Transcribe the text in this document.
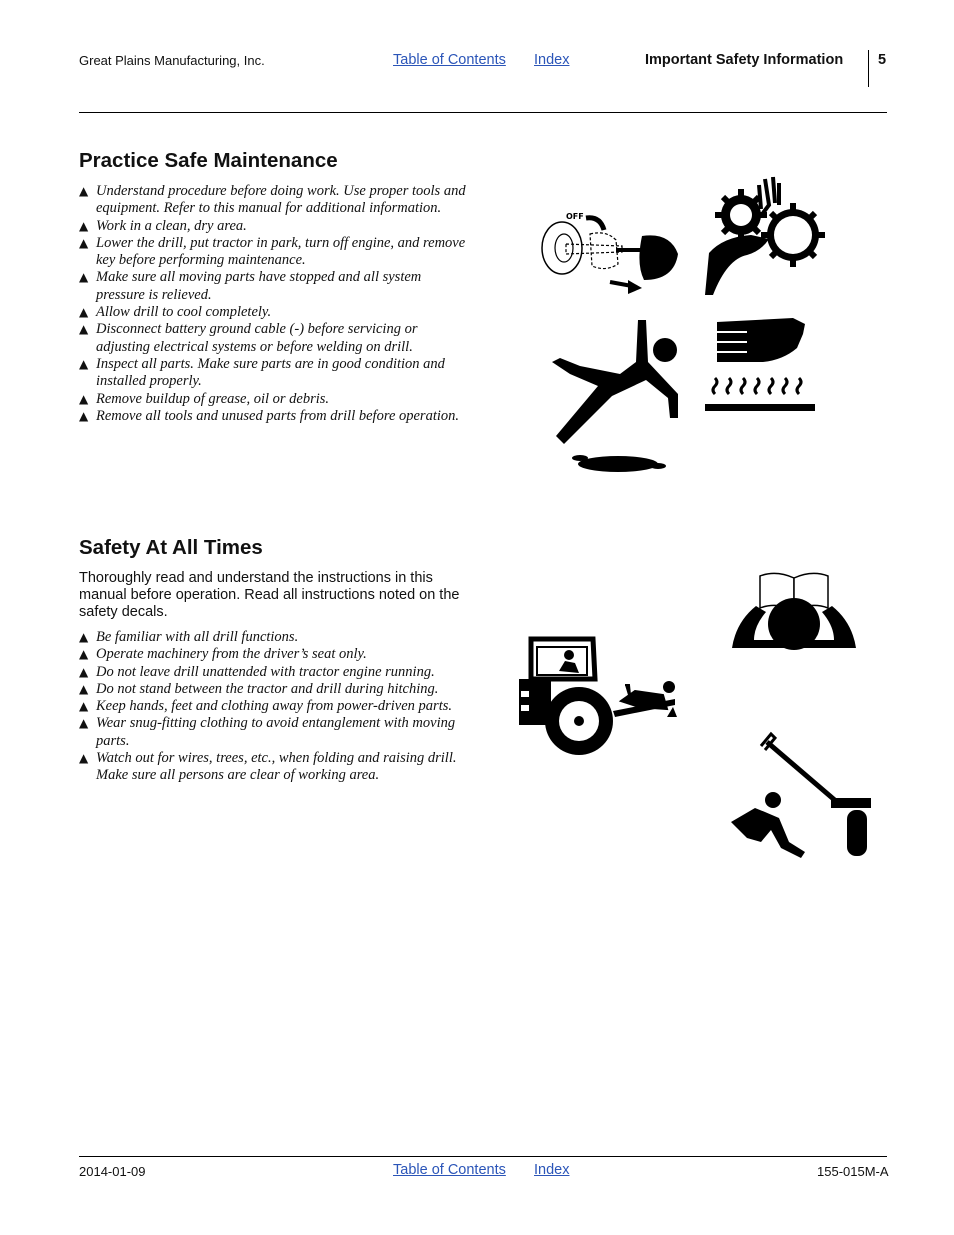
Great Plains Manufacturing, Inc.	Table of Contents Index	Important Safety Information 5
Practice Safe Maintenance
▲ Understand procedure before doing work. Use proper tools and equipment. Refer to this manual for additional information.
▲ Work in a clean, dry area.
▲ Lower the drill, put tractor in park, turn off engine, and remove key before performing maintenance.
▲ Make sure all moving parts have stopped and all system pressure is relieved.
▲ Allow drill to cool completely.
▲ Disconnect battery ground cable (-) before servicing or adjusting electrical systems or before welding on drill.
▲ Inspect all parts. Make sure parts are in good condition and installed properly.
▲ Remove buildup of grease, oil or debris.
▲ Remove all tools and unused parts from drill before operation.
Safety At All Times
Thoroughly read and understand the instructions in this manual before operation. Read all instructions noted on the safety decals.
▲ Be familiar with all drill functions.
▲ Operate machinery from the driver’s seat only.
▲ Do not leave drill unattended with tractor engine running.
▲ Do not stand between the tractor and drill during hitching.
▲ Keep hands, feet and clothing away from power-driven parts.
▲ Wear snug-fitting clothing to avoid entanglement with moving parts.
▲ Watch out for wires, trees, etc., when folding and raising drill. Make sure all persons are clear of working area.
OFF
2014-01-09	Table of Contents Index	155-015M-A
